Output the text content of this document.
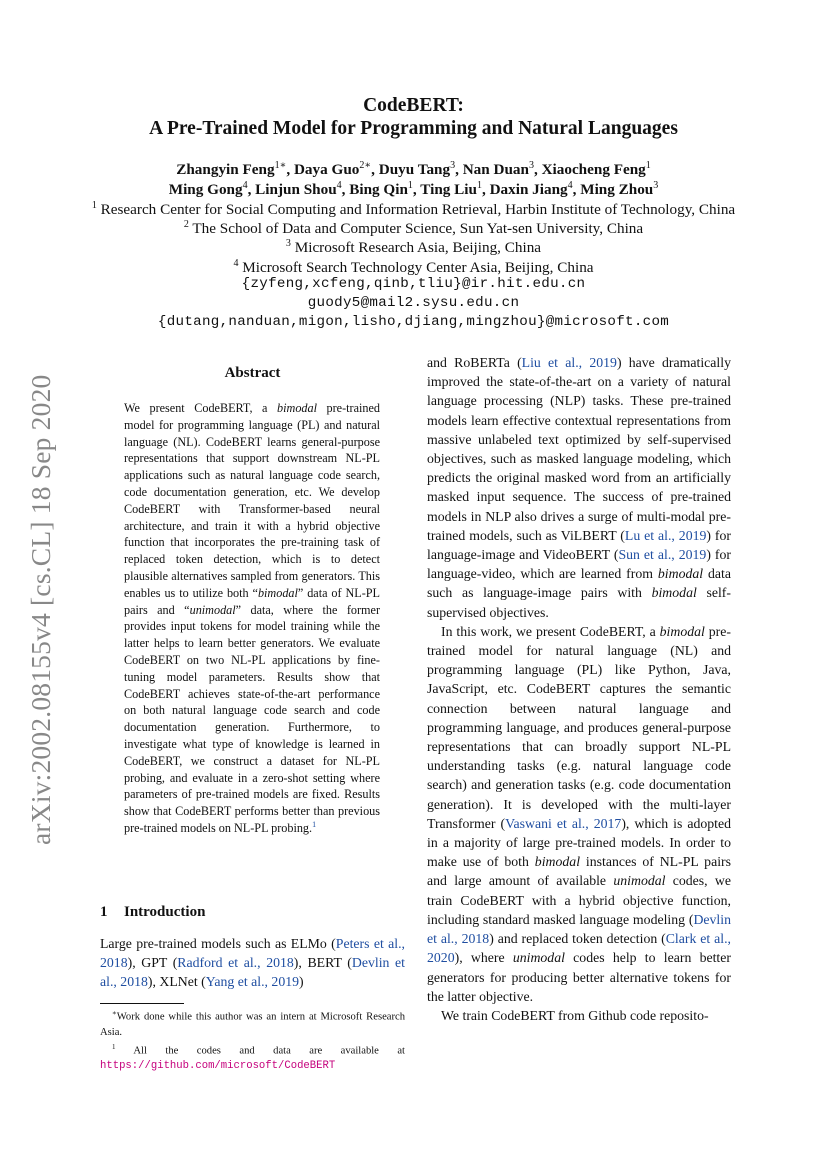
arXiv:2002.08155v4 [cs.CL] 18 Sep 2020
CodeBERT:
A Pre-Trained Model for Programming and Natural Languages
Zhangyin Feng$^{1∗}$, Daya Guo$^{2∗}$, Duyu Tang$^3$, Nan Duan$^3$, Xiaocheng Feng$^1$
Ming Gong$^4$, Linjun Shou$^4$, Bing Qin$^1$, Ting Liu$^1$, Daxin Jiang$^4$, Ming Zhou$^3$
$^1$ Research Center for Social Computing and Information Retrieval, Harbin Institute of Technology, China
$^2$ The School of Data and Computer Science, Sun Yat-sen University, China
$^3$ Microsoft Research Asia, Beijing, China
$^4$ Microsoft Search Technology Center Asia, Beijing, China
{zyfeng,xcfeng,qinb,tliu}@ir.hit.edu.cn
guody5@mail2.sysu.edu.cn
{dutang,nanduan,migon,lisho,djiang,mingzhou}@microsoft.com
Abstract
We present CodeBERT, a bimodal pre-trained model for programming language (PL) and natural language (NL). CodeBERT learns general-purpose representations that support downstream NL-PL applications such as natural language code search, code documentation generation, etc. We develop CodeBERT with Transformer-based neural architecture, and train it with a hybrid objective function that incorporates the pre-training task of replaced token detection, which is to detect plausible alternatives sampled from generators. This enables us to utilize both “bimodal” data of NL-PL pairs and “unimodal” data, where the former provides input tokens for model training while the latter helps to learn better generators. We evaluate CodeBERT on two NL-PL applications by fine-tuning model parameters. Results show that CodeBERT achieves state-of-the-art performance on both natural language code search and code documentation generation. Furthermore, to investigate what type of knowledge is learned in CodeBERT, we construct a dataset for NL-PL probing, and evaluate in a zero-shot setting where parameters of pre-trained models are fixed. Results show that CodeBERT performs better than previous pre-trained models on NL-PL probing.$^1$
1 Introduction
Large pre-trained models such as ELMo (Peters et al., 2018), GPT (Radford et al., 2018), BERT (Devlin et al., 2018), XLNet (Yang et al., 2019)

∗Work done while this author was an intern at Microsoft Research Asia.

$^1$ All the codes and data are available at https://github.com/microsoft/CodeBERT

and RoBERTa (Liu et al., 2019) have dramatically improved the state-of-the-art on a variety of natural language processing (NLP) tasks. These pre-trained models learn effective contextual representations from massive unlabeled text optimized by self-supervised objectives, such as masked language modeling, which predicts the original masked word from an artificially masked input sequence. The success of pre-trained models in NLP also drives a surge of multi-modal pre-trained models, such as ViLBERT (Lu et al., 2019) for language-image and VideoBERT (Sun et al., 2019) for language-video, which are learned from bimodal data such as language-image pairs with bimodal self-supervised objectives.

In this work, we present CodeBERT, a bimodal pre-trained model for natural language (NL) and programming language (PL) like Python, Java, JavaScript, etc. CodeBERT captures the semantic connection between natural language and programming language, and produces general-purpose representations that can broadly support NL-PL understanding tasks (e.g. natural language code search) and generation tasks (e.g. code documentation generation). It is developed with the multi-layer Transformer (Vaswani et al., 2017), which is adopted in a majority of large pre-trained models. In order to make use of both bimodal instances of NL-PL pairs and large amount of available unimodal codes, we train CodeBERT with a hybrid objective function, including standard masked language modeling (Devlin et al., 2018) and replaced token detection (Clark et al., 2020), where unimodal codes help to learn better generators for producing better alternative tokens for the latter objective.

We train CodeBERT from Github code reposito-
